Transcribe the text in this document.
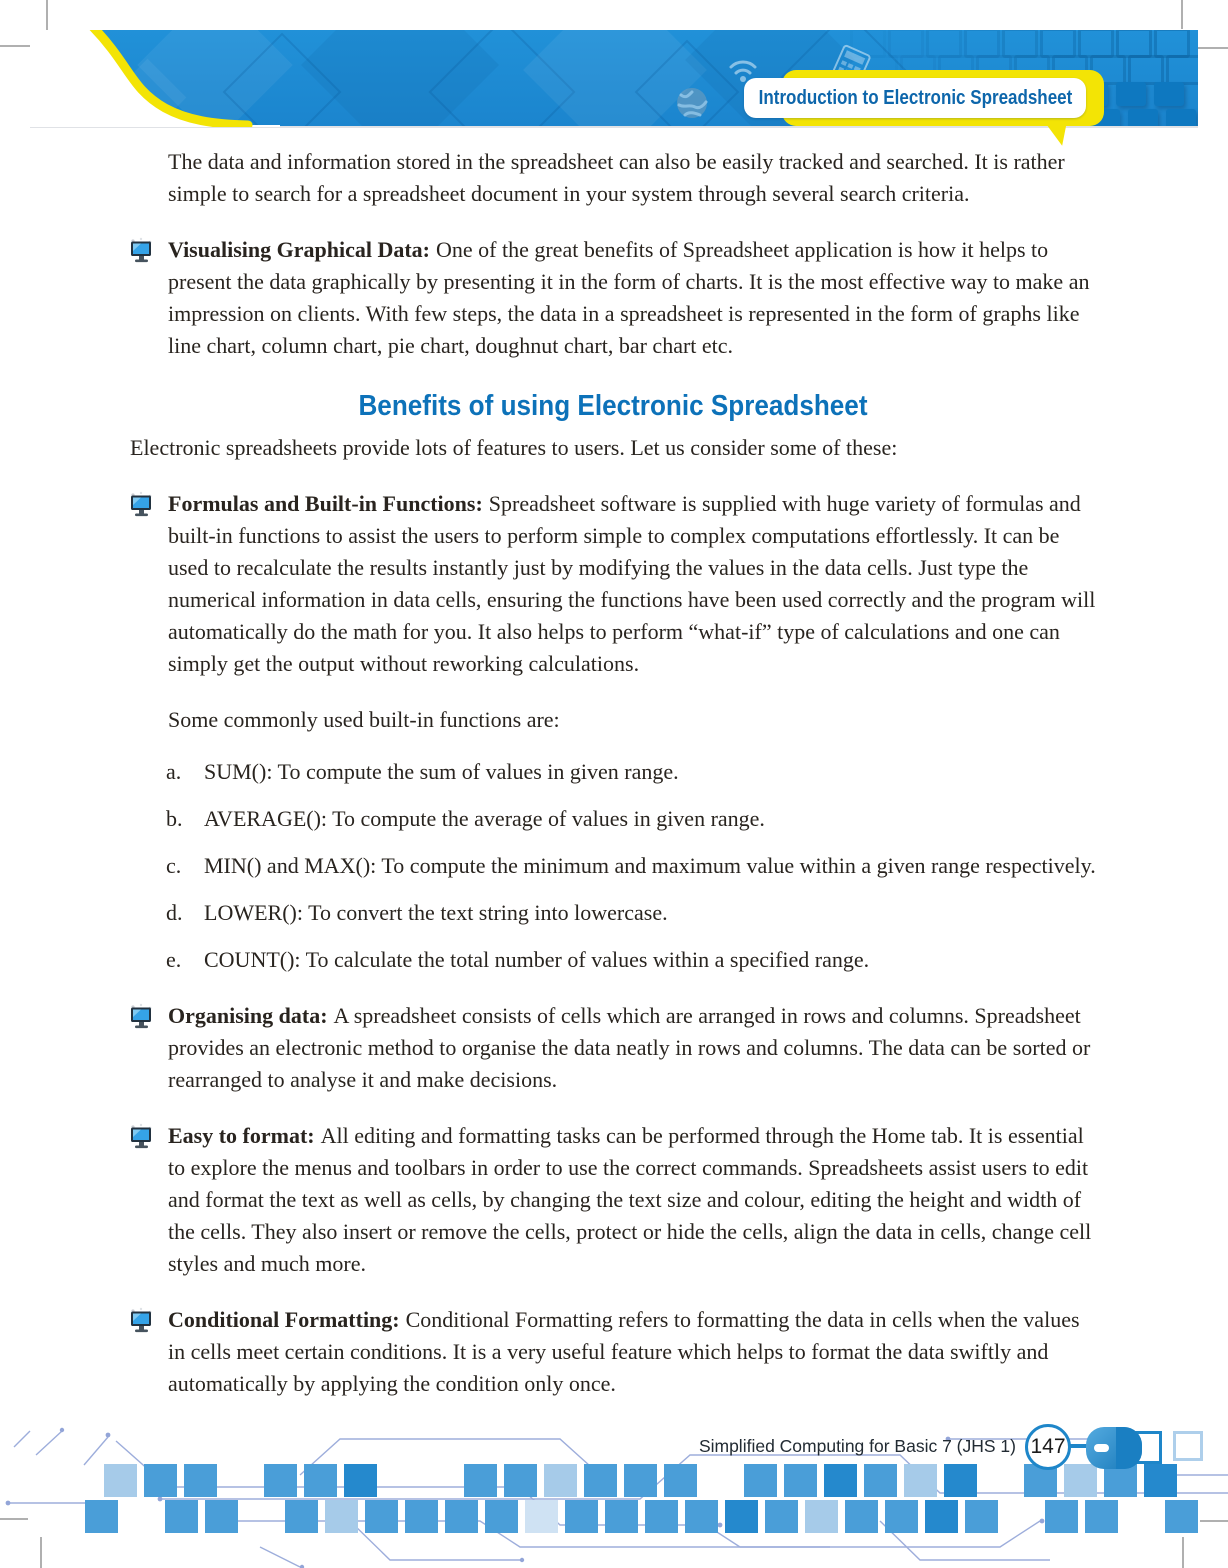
Introduction to Electronic Spreadsheet

The data and information stored in the spreadsheet can also be easily tracked and searched. It is rather simple to search for a spreadsheet document in your system through several search criteria.

Visualising Graphical Data: One of the great benefits of Spreadsheet application is how it helps to present the data graphically by presenting it in the form of charts. It is the most effective way to make an impression on clients. With few steps, the data in a spreadsheet is represented in the form of graphs like line chart, column chart, pie chart, doughnut chart, bar chart etc.

Benefits of using Electronic Spreadsheet

Electronic spreadsheets provide lots of features to users. Let us consider some of these:

Formulas and Built-in Functions: Spreadsheet software is supplied with huge variety of formulas and built-in functions to assist the users to perform simple to complex computations effortlessly. It can be used to recalculate the results instantly just by modifying the values in the data cells. Just type the numerical information in data cells, ensuring the functions have been used correctly and the program will automatically do the math for you. It also helps to perform “what-if” type of calculations and one can simply get the output without reworking calculations.

Some commonly used built-in functions are:

a.	SUM(): To compute the sum of values in given range.
b. AVERAGE(): To compute the average of values in given range.
c.	MIN() and MAX(): To compute the minimum and maximum value within a given range respectively.
d. LOWER(): To convert the text string into lowercase.
e.	COUNT(): To calculate the total number of values within a specified range.

Organising data: A spreadsheet consists of cells which are arranged in rows and columns. Spreadsheet provides an electronic method to organise the data neatly in rows and columns. The data can be sorted or rearranged to analyse it and make decisions.

Easy to format: All editing and formatting tasks can be performed through the Home tab. It is essential to explore the menus and toolbars in order to use the correct commands. Spreadsheets assist users to edit and format the text as well as cells, by changing the text size and colour, editing the height and width of the cells. They also insert or remove the cells, protect or hide the cells, align the data in cells, change cell styles and much more.

Conditional Formatting: Conditional Formatting refers to formatting the data in cells when the values in cells meet certain conditions. It is a very useful feature which helps to format the data swiftly and automatically by applying the condition only once.

Simplified Computing for Basic 7 (JHS 1) 147
